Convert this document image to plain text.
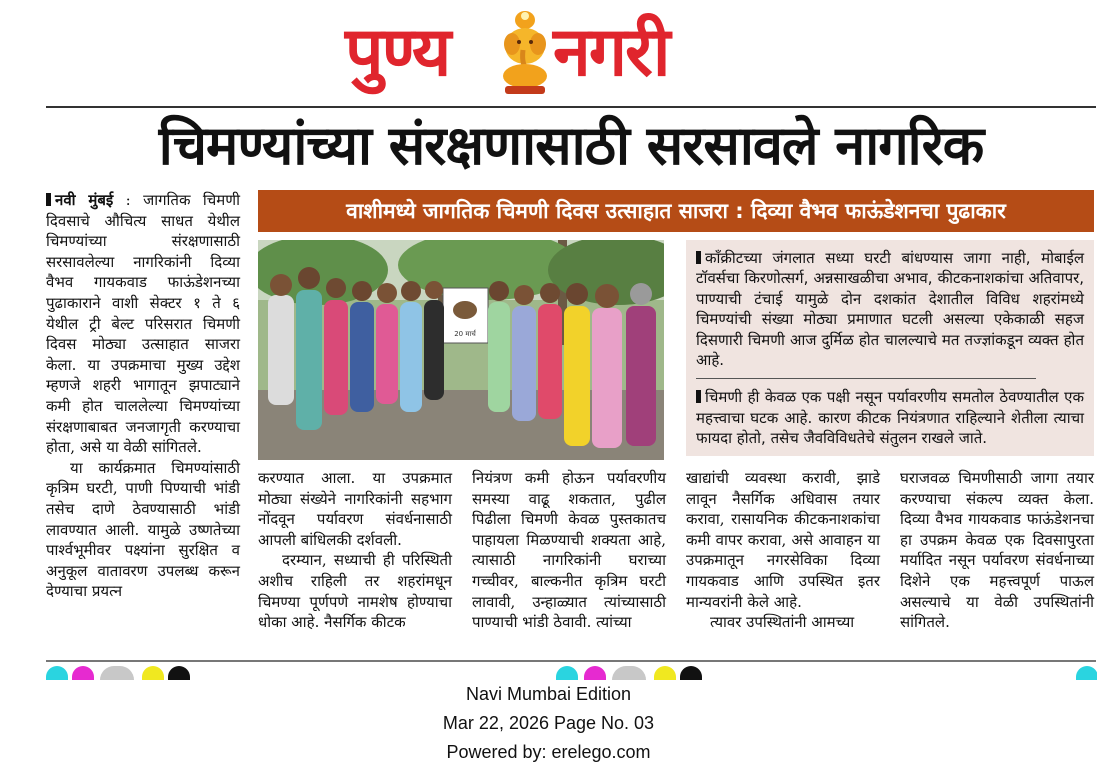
पुण्य नगरी
चिमण्यांच्या संरक्षणासाठी सरसावले नागरिक

नवी मुंबई : जागतिक चिमणी दिवसाचे औचित्य साधत येथील चिमण्यांच्या संरक्षणासाठी सरसावलेल्या नागरिकांनी दिव्या वैभव गायकवाड फाऊंडेशनच्या पुढाकाराने वाशी सेक्टर १ ते ६ येथील ट्री बेल्ट परिसरात चिमणी दिवस मोठ्या उत्साहात साजरा केला. या उपक्रमाचा मुख्य उद्देश म्हणजे शहरी भागातून झपाट्याने कमी होत चाललेल्या चिमण्यांच्या संरक्षणाबाबत जनजागृती करण्याचा होता, असे या वेळी सांगितले.

या कार्यक्रमात चिमण्यांसाठी कृत्रिम घरटी, पाणी पिण्याची भांडी तसेच दाणे ठेवण्यासाठी भांडी लावण्यात आली. यामुळे उष्णतेच्या पार्श्वभूमीवर पक्ष्यांना सुरक्षित व अनुकूल वातावरण उपलब्ध करून देण्याचा प्रयत्न

वाशीमध्ये जागतिक चिमणी दिवस उत्साहात साजरा : दिव्या वैभव फाऊंडेशनचा पुढाकार
20 मार्च

कॉंक्रीटच्या जंगलात सध्या घरटी बांधण्यास जागा नाही, मोबाईल टॉवर्सचा किरणोत्सर्ग, अन्नसाखळीचा अभाव, कीटकनाशकांचा अतिवापर, पाण्याची टंचाई यामुळे दोन दशकांत देशातील विविध शहरांमध्ये चिमण्यांची संख्या मोठ्या प्रमाणात घटली असल्या एकेकाळी सहज दिसणारी चिमणी आज दुर्मिळ होत चालल्याचे मत तज्ज्ञांकडून व्यक्त होत आहे.

चिमणी ही केवळ एक पक्षी नसून पर्यावरणीय समतोल ठेवण्यातील एक महत्त्वाचा घटक आहे. कारण कीटक नियंत्रणात राहिल्याने शेतीला त्याचा फायदा होतो, तसेच जैवविविधतेचे संतुलन राखले जाते.

करण्यात आला. या उपक्रमात मोठ्या संख्येने नागरिकांनी सहभाग नोंदवून पर्यावरण संवर्धनासाठी आपली बांधिलकी दर्शवली.

दरम्यान, सध्याची ही परिस्थिती अशीच राहिली तर शहरांमधून चिमण्या पूर्णपणे नामशेष होण्याचा धोका आहे. नैसर्गिक कीटक

नियंत्रण कमी होऊन पर्यावरणीय समस्या वाढू शकतात, पुढील पिढीला चिमणी केवळ पुस्तकातच पाहायला मिळण्याची शक्यता आहे, त्यासाठी नागरिकांनी घराच्या गच्चीवर, बाल्कनीत कृत्रिम घरटी लावावी, उन्हाळ्यात त्यांच्यासाठी पाण्याची भांडी ठेवावी. त्यांच्या

खाद्यांची व्यवस्था करावी, झाडे लावून नैसर्गिक अधिवास तयार करावा, रासायनिक कीटकनाशकांचा कमी वापर करावा, असे आवाहन या उपक्रमातून नगरसेविका दिव्या गायकवाड आणि उपस्थित इतर मान्यवरांनी केले आहे.

त्यावर उपस्थितांनी आमच्या

घराजवळ चिमणीसाठी जागा तयार करण्याचा संकल्प व्यक्त केला. दिव्या वैभव गायकवाड फाऊंडेशनचा हा उपक्रम केवळ एक दिवसापुरता मर्यादित नसून पर्यावरण संवर्धनाच्या दिशेने एक महत्त्वपूर्ण पाऊल असल्याचे या वेळी उपस्थितांनी सांगितले.

Navi Mumbai Edition
Mar 22, 2026 Page No. 03
Powered by: erelego.com
